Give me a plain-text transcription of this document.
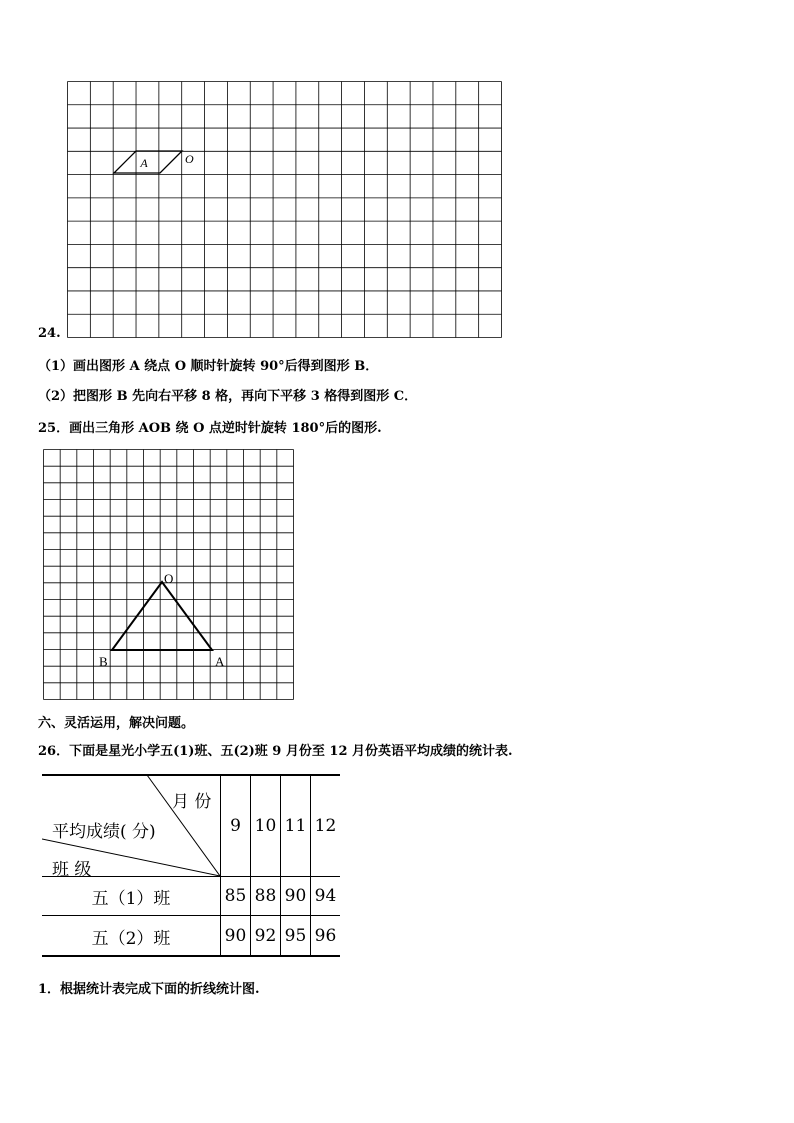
A	O
24.
（1）画出图形 A 绕点 O 顺时针旋转 90°后得到图形 B．
（2）把图形 B 先向右平移 8 格，再向下平移 3 格得到图形 C．
25．画出三角形 AOB 绕 O 点逆时针旋转 180°后的图形.
O
B	A
六、灵活运用，解决问题。
26．下面是星光小学五(1)班、五(2)班 9 月份至 12 月份英语平均成绩的统计表.
月 份
平均成绩( 分)
班 级	9	10	11	12
五（1）班	85	88	90	94
五（2）班	90	92	95	96
1．根据统计表完成下面的折线统计图.
